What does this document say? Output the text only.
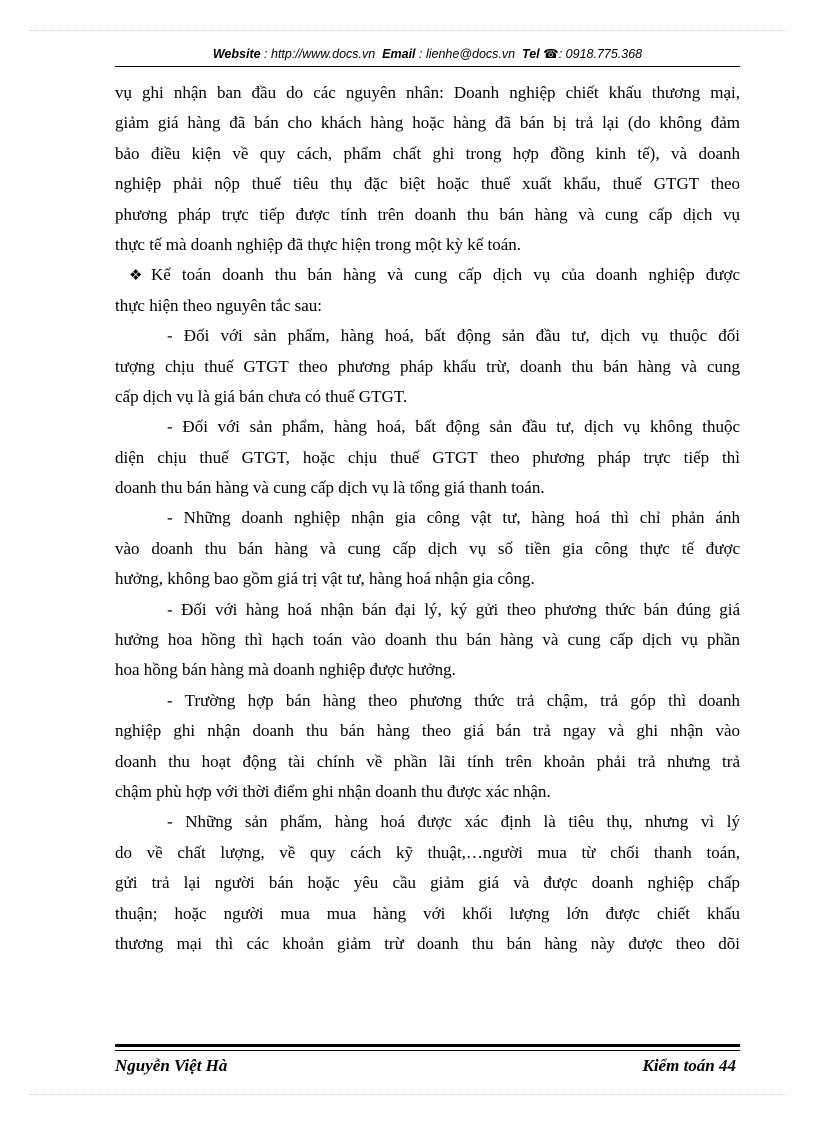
Website : http://www.docs.vn Email : lienhe@docs.vn Tel ☎: 0918.775.368
vụ ghi nhận ban đầu do các nguyên nhân: Doanh nghiệp chiết khấu thương mại,
giảm giá hàng đã bán cho khách hàng hoặc hàng đã bán bị trả lại (do không đảm
bảo điều kiện về quy cách, phẩm chất ghi trong hợp đồng kinh tế), và doanh
nghiệp phải nộp thuế tiêu thụ đặc biệt hoặc thuế xuất khẩu, thuế GTGT theo
phương pháp trực tiếp được tính trên doanh thu bán hàng và cung cấp dịch vụ
thực tế mà doanh nghiệp đã thực hiện trong một kỳ kế toán.
❖ Kế toán doanh thu bán hàng và cung cấp dịch vụ của doanh nghiệp được
thực hiện theo nguyên tắc sau:
- Đối với sản phẩm, hàng hoá, bất động sản đầu tư, dịch vụ thuộc đối
tượng chịu thuế GTGT theo phương pháp khấu trừ, doanh thu bán hàng và cung
cấp dịch vụ là giá bán chưa có thuế GTGT.
- Đối với sản phẩm, hàng hoá, bất động sản đầu tư, dịch vụ không thuộc
diện chịu thuế GTGT, hoặc chịu thuế GTGT theo phương pháp trực tiếp thì
doanh thu bán hàng và cung cấp dịch vụ là tổng giá thanh toán.
- Những doanh nghiệp nhận gia công vật tư, hàng hoá thì chỉ phản ánh
vào doanh thu bán hàng và cung cấp dịch vụ số tiền gia công thực tế được
hưởng, không bao gồm giá trị vật tư, hàng hoá nhận gia công.
- Đối với hàng hoá nhận bán đại lý, ký gửi theo phương thức bán đúng giá
hưởng hoa hồng thì hạch toán vào doanh thu bán hàng và cung cấp dịch vụ phần
hoa hồng bán hàng mà doanh nghiệp được hưởng.
- Trường hợp bán hàng theo phương thức trả chậm, trả góp thì doanh
nghiệp ghi nhận doanh thu bán hàng theo giá bán trả ngay và ghi nhận vào
doanh thu hoạt động tài chính về phần lãi tính trên khoản phải trả nhưng trả
chậm phù hợp với thời điểm ghi nhận doanh thu được xác nhận.
- Những sản phẩm, hàng hoá được xác định là tiêu thụ, nhưng vì lý
do về chất lượng, về quy cách kỹ thuật,…người mua từ chối thanh toán,
gửi trả lại người bán hoặc yêu cầu giảm giá và được doanh nghiệp chấp
thuận; hoặc người mua mua hàng với khối lượng lớn được chiết khấu
thương mại thì các khoản giảm trừ doanh thu bán hàng này được theo dõi
Nguyễn Việt Hà	Kiểm toán 44
